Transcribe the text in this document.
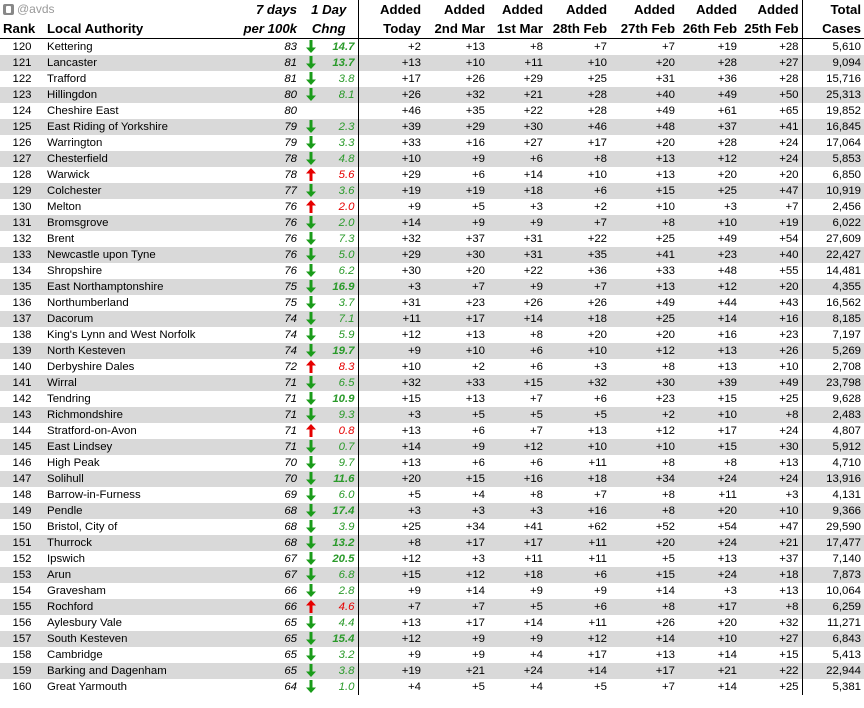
@avds		7 days	1 Day		Added	Added	Added	Added	Added	Added	Added	Total
Rank	Local Authority	per 100k	Chng		Today	2nd Mar	1st Mar	28th Feb	27th Feb	26th Feb	25th Feb	Cases
120	Kettering	83		14.7	+2	+13	+8	+7	+7	+19	+28	5,610
121	Lancaster	81		13.7	+13	+10	+11	+10	+20	+28	+27	9,094
122	Trafford	81		3.8	+17	+26	+29	+25	+31	+36	+28	15,716
123	Hillingdon	80		8.1	+26	+32	+21	+28	+40	+49	+50	25,313
124	Cheshire East	80			+46	+35	+22	+28	+49	+61	+65	19,852
125	East Riding of Yorkshire	79		2.3	+39	+29	+30	+46	+48	+37	+41	16,845
126	Warrington	79		3.3	+33	+16	+27	+17	+20	+28	+24	17,064
127	Chesterfield	78		4.8	+10	+9	+6	+8	+13	+12	+24	5,853
128	Warwick	78		5.6	+29	+6	+14	+10	+13	+20	+20	6,850
129	Colchester	77		3.6	+19	+19	+18	+6	+15	+25	+47	10,919
130	Melton	76		2.0	+9	+5	+3	+2	+10	+3	+7	2,456
131	Bromsgrove	76		2.0	+14	+9	+9	+7	+8	+10	+19	6,022
132	Brent	76		7.3	+32	+37	+31	+22	+25	+49	+54	27,609
133	Newcastle upon Tyne	76		5.0	+29	+30	+31	+35	+41	+23	+40	22,427
134	Shropshire	76		6.2	+30	+20	+22	+36	+33	+48	+55	14,481
135	East Northamptonshire	75		16.9	+3	+7	+9	+7	+13	+12	+20	4,355
136	Northumberland	75		3.7	+31	+23	+26	+26	+49	+44	+43	16,562
137	Dacorum	74		7.1	+11	+17	+14	+18	+25	+14	+16	8,185
138	King's Lynn and West Norfolk	74		5.9	+12	+13	+8	+20	+20	+16	+23	7,197
139	North Kesteven	74		19.7	+9	+10	+6	+10	+12	+13	+26	5,269
140	Derbyshire Dales	72		8.3	+10	+2	+6	+3	+8	+13	+10	2,708
141	Wirral	71		6.5	+32	+33	+15	+32	+30	+39	+49	23,798
142	Tendring	71		10.9	+15	+13	+7	+6	+23	+15	+25	9,628
143	Richmondshire	71		9.3	+3	+5	+5	+5	+2	+10	+8	2,483
144	Stratford-on-Avon	71		0.8	+13	+6	+7	+13	+12	+17	+24	4,807
145	East Lindsey	71		0.7	+14	+9	+12	+10	+10	+15	+30	5,912
146	High Peak	70		9.7	+13	+6	+6	+11	+8	+8	+13	4,710
147	Solihull	70		11.6	+20	+15	+16	+18	+34	+24	+24	13,916
148	Barrow-in-Furness	69		6.0	+5	+4	+8	+7	+8	+11	+3	4,131
149	Pendle	68		17.4	+3	+3	+3	+16	+8	+20	+10	9,366
150	Bristol, City of	68		3.9	+25	+34	+41	+62	+52	+54	+47	29,590
151	Thurrock	68		13.2	+8	+17	+17	+11	+20	+24	+21	17,477
152	Ipswich	67		20.5	+12	+3	+11	+11	+5	+13	+37	7,140
153	Arun	67		6.8	+15	+12	+18	+6	+15	+24	+18	7,873
154	Gravesham	66		2.8	+9	+14	+9	+9	+14	+3	+13	10,064
155	Rochford	66		4.6	+7	+7	+5	+6	+8	+17	+8	6,259
156	Aylesbury Vale	65		4.4	+13	+17	+14	+11	+26	+20	+32	11,271
157	South Kesteven	65		15.4	+12	+9	+9	+12	+14	+10	+27	6,843
158	Cambridge	65		3.2	+9	+9	+4	+17	+13	+14	+15	5,413
159	Barking and Dagenham	65		3.8	+19	+21	+24	+14	+17	+21	+22	22,944
160	Great Yarmouth	64		1.0	+4	+5	+4	+5	+7	+14	+25	5,381
